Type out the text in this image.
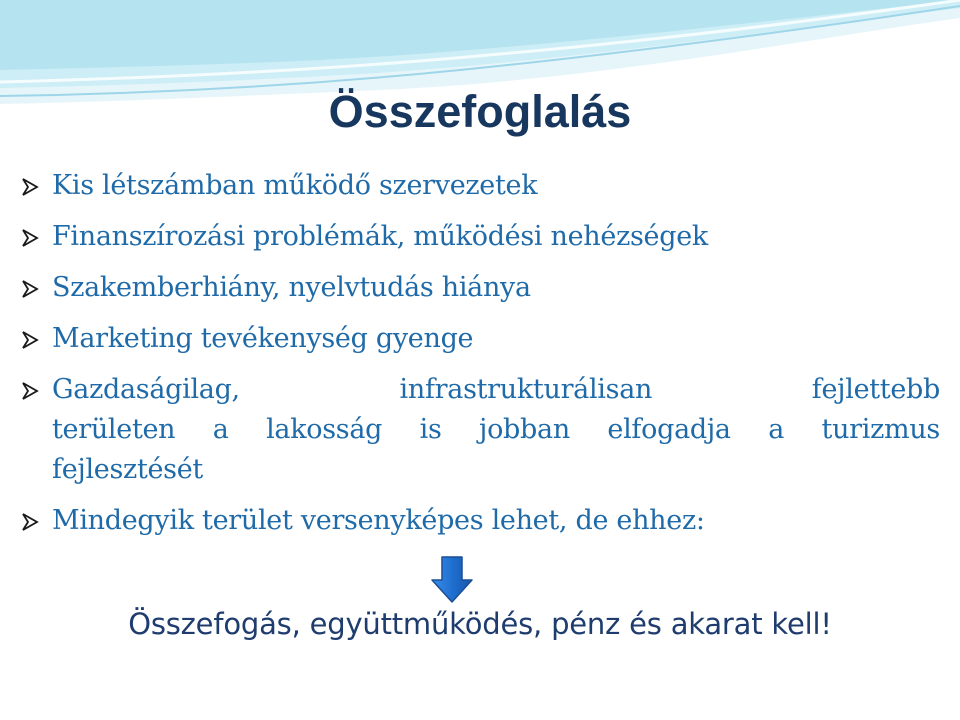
Összefoglalás
Kis létszámban működő szervezetek
Finanszírozási problémák, működési nehézségek
Szakemberhiány, nyelvtudás hiánya
Marketing tevékenység gyenge
Gazdaságilag, infrastrukturálisan fejlettebb
területen a lakosság is jobban elfogadja a turizmus
fejlesztését
Mindegyik terület versenyképes lehet, de ehhez:
Összefogás, együttműködés, pénz és akarat kell!
